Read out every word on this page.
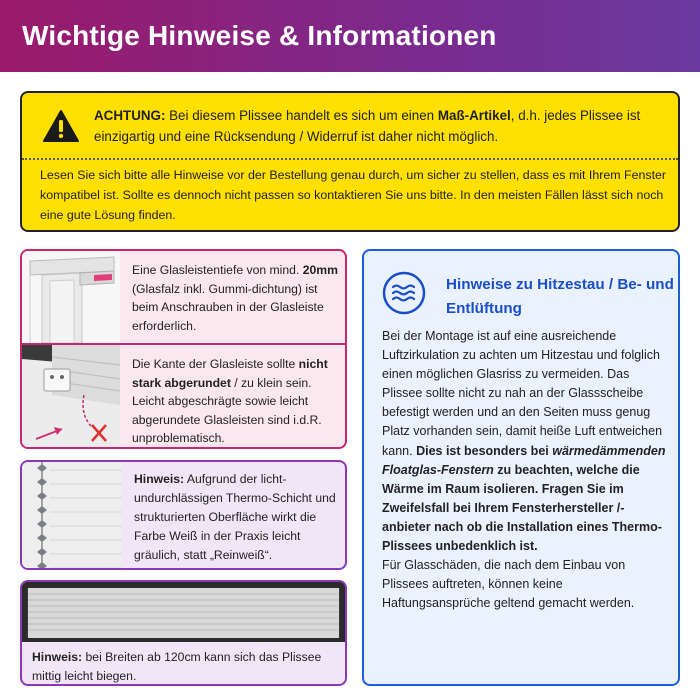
Wichtige Hinweise & Informationen
ACHTUNG: Bei diesem Plissee handelt es sich um einen Maß-Artikel, d.h. jedes Plissee ist einzigartig und eine Rücksendung / Widerruf ist daher nicht möglich.
Lesen Sie sich bitte alle Hinweise vor der Bestellung genau durch, um sicher zu stellen, dass es mit Ihrem Fenster kompatibel ist. Sollte es dennoch nicht passen so kontaktieren Sie uns bitte. In den meisten Fällen lässt sich noch eine gute Lösung finden.
Eine Glasleistentiefe von mind. 20mm (Glasfalz inkl. Gummi-dichtung) ist beim Anschrauben in der Glasleiste erforderlich.
Die Kante der Glasleiste sollte nicht stark abgerundet / zu klein sein. Leicht abgeschrägte sowie leicht abgerundete Glasleisten sind i.d.R. unproblematisch.
Hinweis: Aufgrund der licht-undurchlässigen Thermo-Schicht und strukturierten Oberfläche wirkt die Farbe Weiß in der Praxis leicht gräulich, statt „Reinweiß“.
Hinweis: bei Breiten ab 120cm kann sich das Plissee mittig leicht biegen.
Hinweise zu Hitzestau / Be- und Entlüftung
Bei der Montage ist auf eine ausreichende Luftzirkulation zu achten um Hitzestau und folglich einen möglichen Glasriss zu vermeiden. Das Plissee sollte nicht zu nah an der Glassscheibe befestigt werden und an den Seiten muss genug Platz vorhanden sein, damit heiße Luft entweichen kann. Dies ist besonders bei wärmedämmenden Floatglas-Fenstern zu beachten, welche die Wärme im Raum isolieren. Fragen Sie im Zweifelsfall bei Ihrem Fensterhersteller /-anbieter nach ob die Installation eines Thermo-Plissees unbedenklich ist.
Für Glasschäden, die nach dem Einbau von Plissees auftreten, können keine Haftungsansprüche geltend gemacht werden.
